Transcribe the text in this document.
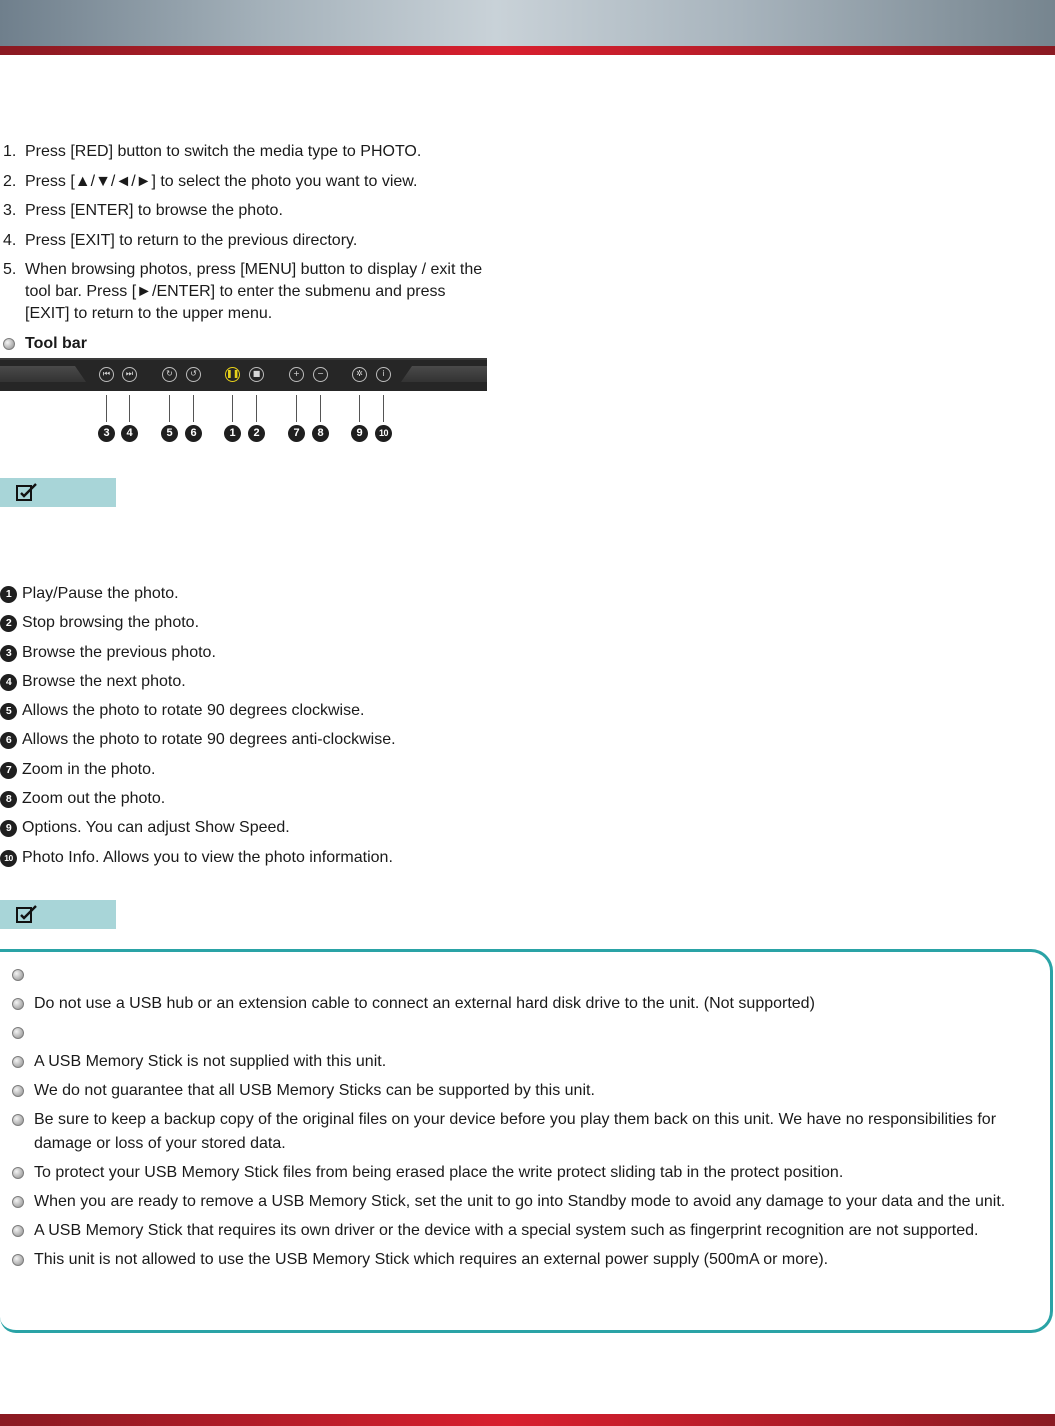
1. Press [RED] button to switch the media type to PHOTO.
2. Press [▲/▼/◄/►] to select the photo you want to view.
3. Press [ENTER] to browse the photo.
4. Press [EXIT] to return to the previous directory.
5. When browsing photos, press [MENU] button to display / exit the tool bar. Press [►/ENTER] to enter the submenu and press [EXIT] to return to the upper menu.
Tool bar
⏮	⏭	↻	↺	❚❚	■	+	−	✲	i
3	4	5	6	1	2	7	8	9	10
1 Play/Pause the photo.
2 Stop browsing the photo.
3 Browse the previous photo.
4 Browse the next photo.
5 Allows the photo to rotate 90 degrees clockwise.
6 Allows the photo to rotate 90 degrees anti-clockwise.
7 Zoom in the photo.
8 Zoom out the photo.
9 Options. You can adjust Show Speed.
10 Photo Info. Allows you to view the photo information.
Do not use a USB hub or an extension cable to connect an external hard disk drive to the unit. (Not supported)
A USB Memory Stick is not supplied with this unit.
We do not guarantee that all USB Memory Sticks can be supported by this unit.
Be sure to keep a backup copy of the original files on your device before you play them back on this unit. We have no responsibilities for damage or loss of your stored data.
To protect your USB Memory Stick files from being erased place the write protect sliding tab in the protect position.
When you are ready to remove a USB Memory Stick, set the unit to go into Standby mode to avoid any damage to your data and the unit.
A USB Memory Stick that requires its own driver or the device with a special system such as fingerprint recognition are not supported.
This unit is not allowed to use the USB Memory Stick which requires an external power supply (500mA or more).
